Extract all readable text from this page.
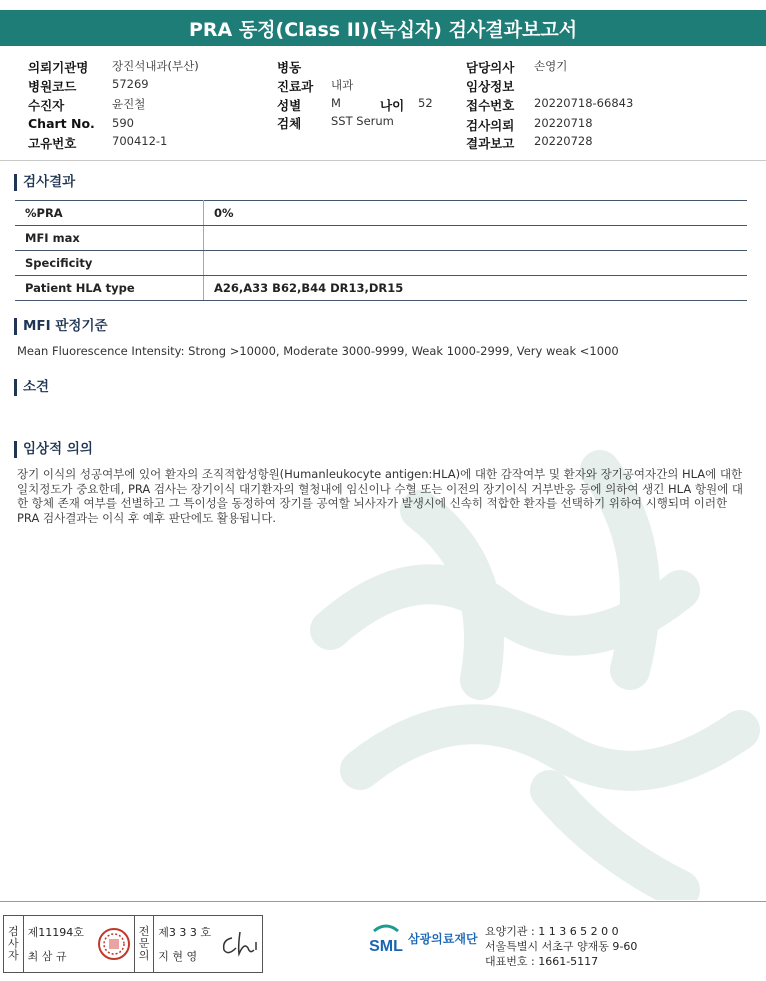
PRA 동정(Class II)(녹십자) 검사결과보고서
의뢰기관명 장진석내과(부산)
병원코드	57269
수진자	윤진철
Chart No. 590
고유번호	700412-1
병동
진료과 내과
성별	M	나이 52
검체	SST Serum
담당의사 손영기
임상정보
접수번호 20220718-66843
검사의뢰 20220718
결과보고 20220728
검사결과
%PRA	0%
MFI max	
Specificity	
Patient HLA type	A26,A33 B62,B44 DR13,DR15
MFI 판정기준
Mean Fluorescence Intensity: Strong >10000, Moderate 3000-9999, Weak 1000-2999, Very weak <1000
소견
임상적 의의
장기 이식의 성공여부에 있어 환자의 조직적합성항원(Humanleukocyte antigen:HLA)에 대한 감작여부 및 환자와 장기공여자간의 HLA에 대한 일치정도가 중요한데, PRA 검사는 장기이식 대기환자의 혈청내에 임신이나 수혈 또는 이전의 장기이식 거부반응 등에 의하여 생긴 HLA 항원에 대한 항체 존재 여부를 선별하고 그 특이성을 동정하여 장기를 공여할 뇌사자가 발생시에 신속히 적합한 환자를 선택하기 위하여 시행되며 이러한 PRA 검사결과는 이식 후 예후 판단에도 활용됩니다.
검
사
자
제11194호
최 삼 규
전
문
의
제3 3 3 호
지 현 영
SML 삼광의료재단 요양기관 : 1 1 3 6 5 2 0 0
서울특별시 서초구 양재동 9-60
대표번호 : 1661-5117
